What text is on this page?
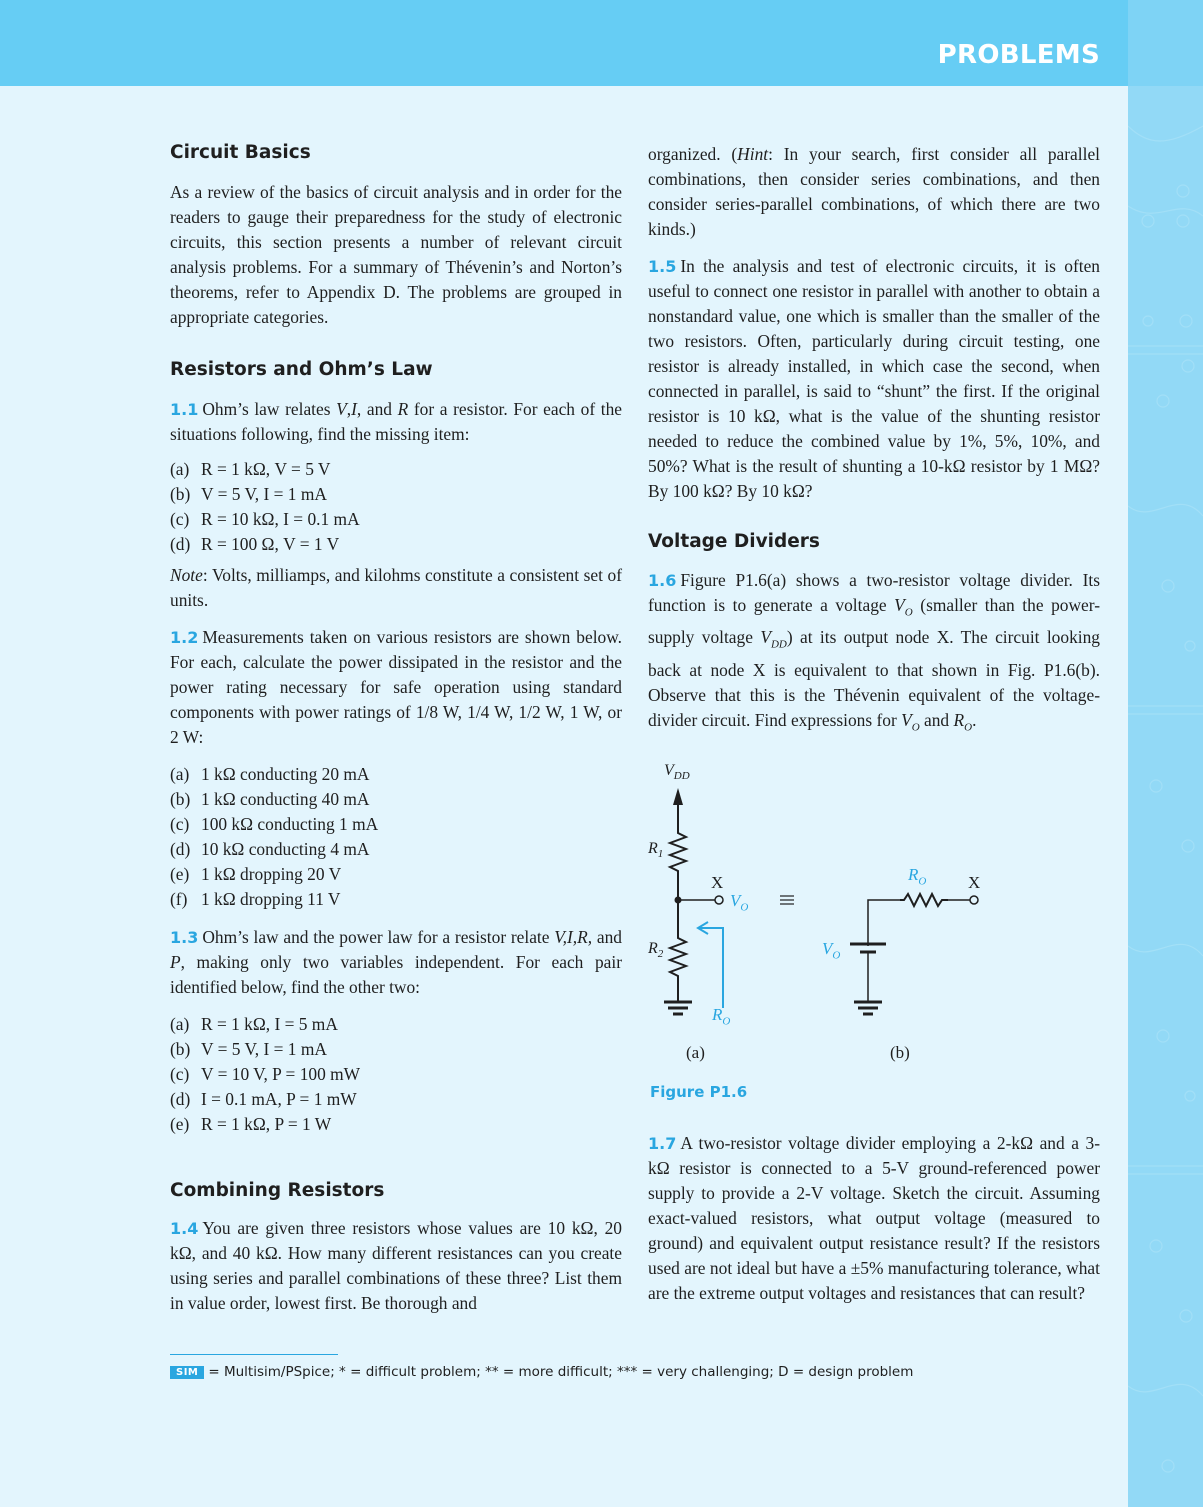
PROBLEMS
Circuit Basics

As a review of the basics of circuit analysis and in order for the readers to gauge their preparedness for the study of electronic circuits, this section presents a number of relevant circuit analysis problems. For a summary of Thévenin’s and Norton’s theorems, refer to Appendix D. The problems are grouped in appropriate categories.

Resistors and Ohm’s Law

1.1 Ohm’s law relates V,I, and R for a resistor. For each of the situations following, find the missing item:

(a) R = 1 kΩ, V = 5 V
(b) V = 5 V, I = 1 mA
(c) R = 10 kΩ, I = 0.1 mA
(d) R = 100 Ω, V = 1 V

Note: Volts, milliamps, and kilohms constitute a consistent set of units.

1.2 Measurements taken on various resistors are shown below. For each, calculate the power dissipated in the resistor and the power rating necessary for safe operation using standard components with power ratings of 1/8 W, 1/4 W, 1/2 W, 1 W, or 2 W:

(a) 1 kΩ conducting 20 mA
(b) 1 kΩ conducting 40 mA
(c) 100 kΩ conducting 1 mA
(d) 10 kΩ conducting 4 mA
(e) 1 kΩ dropping 20 V
(f) 1 kΩ dropping 11 V

1.3 Ohm’s law and the power law for a resistor relate V,I,R, and P, making only two variables independent. For each pair identified below, find the other two:

(a) R = 1 kΩ, I = 5 mA
(b) V = 5 V, I = 1 mA
(c) V = 10 V, P = 100 mW
(d) I = 0.1 mA, P = 1 mW
(e) R = 1 kΩ, P = 1 W
Combining Resistors

1.4 You are given three resistors whose values are 10 kΩ, 20 kΩ, and 40 kΩ. How many different resistances can you create using series and parallel combinations of these three? List them in value order, lowest first. Be thorough and

organized. (Hint: In your search, first consider all parallel combinations, then consider series combinations, and then consider series-parallel combinations, of which there are two kinds.)

1.5 In the analysis and test of electronic circuits, it is often useful to connect one resistor in parallel with another to obtain a nonstandard value, one which is smaller than the smaller of the two resistors. Often, particularly during circuit testing, one resistor is already installed, in which case the second, when connected in parallel, is said to “shunt” the first. If the original resistor is 10 kΩ, what is the value of the shunting resistor needed to reduce the combined value by 1%, 5%, 10%, and 50%? What is the result of shunting a 10-kΩ resistor by 1 MΩ? By 100 kΩ? By 10 kΩ?

Voltage Dividers

1.6 Figure P1.6(a) shows a two-resistor voltage divider. Its function is to generate a voltage $V_O$ (smaller than the power-supply voltage $V_{DD}$) at its output node X. The circuit looking back at node X is equivalent to that shown in Fig. P1.6(b). Observe that this is the Thévenin equivalent of the voltage-divider circuit. Find expressions for $V_O$ and $R_O$.

$V_{DD}$
$R_1$
$R_2$
X
$V_O$
$R_O$
$R_O$ X
$V_O$
(a)	(b)
Figure P1.6

1.7 A two-resistor voltage divider employing a 2-kΩ and a 3-kΩ resistor is connected to a 5-V ground-referenced power supply to provide a 2-V voltage. Sketch the circuit. Assuming exact-valued resistors, what output voltage (measured to ground) and equivalent output resistance result? If the resistors used are not ideal but have a ±5% manufacturing tolerance, what are the extreme output voltages and resistances that can result?

SIM = Multisim/PSpice; * = difficult problem; ** = more difficult; *** = very challenging; D = design problem
